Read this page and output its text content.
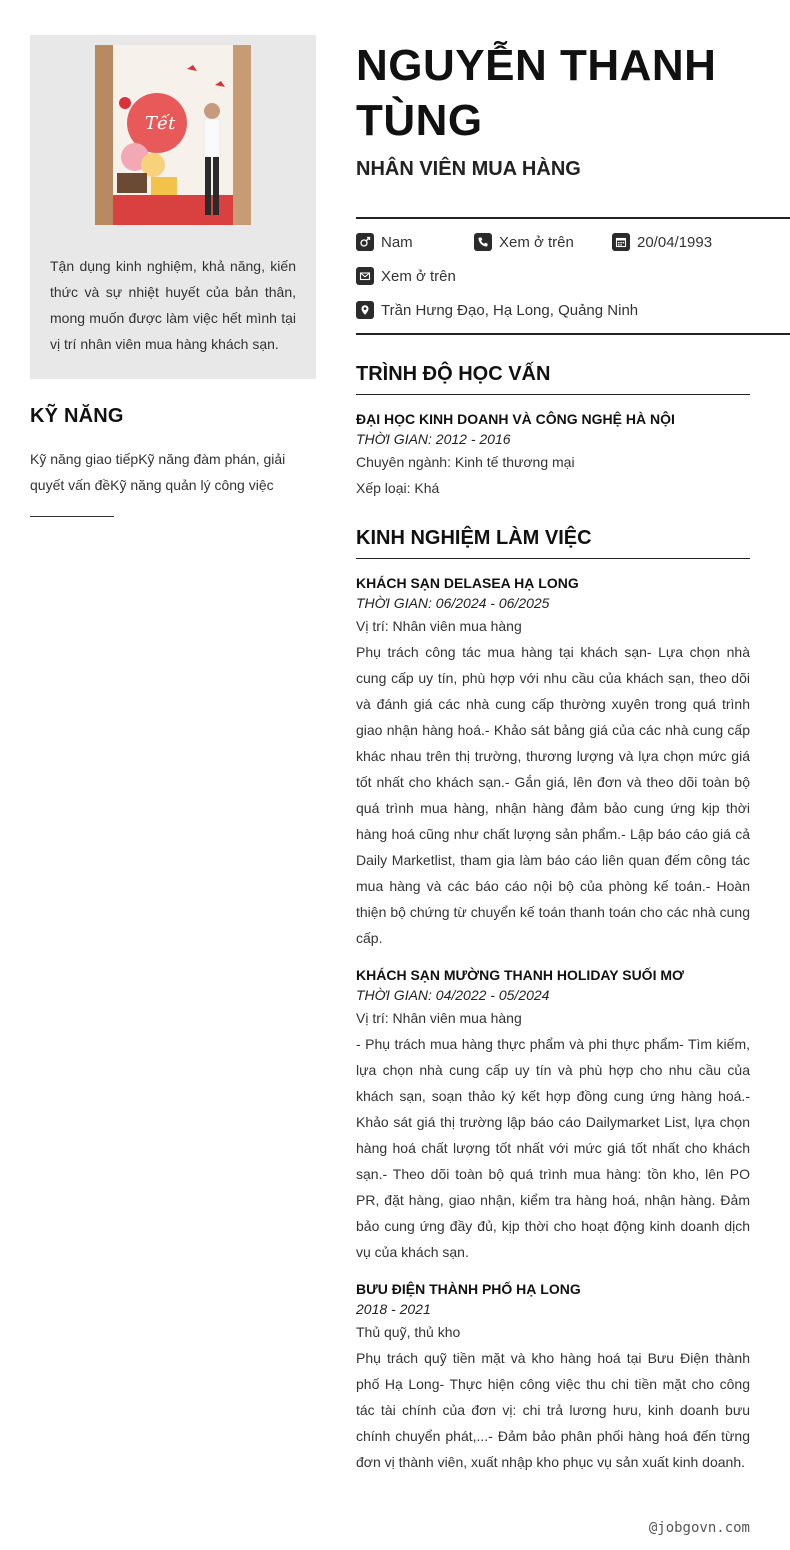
Tết

Tận dụng kinh nghiệm, khả năng, kiến thức và sự nhiệt huyết của bản thân, mong muốn được làm việc hết mình tại vị trí nhân viên mua hàng khách sạn.

KỸ NĂNG

Kỹ năng giao tiếpKỹ năng đàm phán, giải quyết vấn đềKỹ năng quản lý công việc

NGUYỄN THANH TÙNG
NHÂN VIÊN MUA HÀNG
Nam	Xem ở trên	20/04/1993
Xem ở trên
Trần Hưng Đạo, Hạ Long, Quảng Ninh
TRÌNH ĐỘ HỌC VẤN
ĐẠI HỌC KINH DOANH VÀ CÔNG NGHỆ HÀ NỘI
THỜI GIAN: 2012 - 2016
Chuyên ngành: Kinh tế thương mại
Xếp loại: Khá
KINH NGHIỆM LÀM VIỆC
KHÁCH SẠN DELASEA HẠ LONG
THỜI GIAN: 06/2024 - 06/2025
Vị trí: Nhân viên mua hàng

Phụ trách công tác mua hàng tại khách sạn- Lựa chọn nhà cung cấp uy tín, phù hợp với nhu cầu của khách sạn, theo dõi và đánh giá các nhà cung cấp thường xuyên trong quá trình giao nhận hàng hoá.- Khảo sát bảng giá của các nhà cung cấp khác nhau trên thị trường, thương lượng và lựa chọn mức giá tốt nhất cho khách sạn.- Gắn giá, lên đơn và theo dõi toàn bộ quá trình mua hàng, nhận hàng đảm bảo cung ứng kịp thời hàng hoá cũng như chất lượng sản phẩm.- Lập báo cáo giá cả Daily Marketlist, tham gia làm báo cáo liên quan đếm công tác mua hàng và các báo cáo nội bộ của phòng kế toán.- Hoàn thiện bộ chứng từ chuyển kế toán thanh toán cho các nhà cung cấp.

KHÁCH SẠN MƯỜNG THANH HOLIDAY SUỐI MƠ
THỜI GIAN: 04/2022 - 05/2024
Vị trí: Nhân viên mua hàng

- Phụ trách mua hàng thực phẩm và phi thực phẩm- Tìm kiếm, lựa chọn nhà cung cấp uy tín và phù hợp cho nhu cầu của khách sạn, soạn thảo ký kết hợp đồng cung ứng hàng hoá.- Khảo sát giá thị trường lập báo cáo Dailymarket List, lựa chọn hàng hoá chất lượng tốt nhất với mức giá tốt nhất cho khách sạn.- Theo dõi toàn bộ quá trình mua hàng: tồn kho, lên PO PR, đặt hàng, giao nhận, kiểm tra hàng hoá, nhận hàng. Đảm bảo cung ứng đầy đủ, kịp thời cho hoạt động kinh doanh dịch vụ của khách sạn.

BƯU ĐIỆN THÀNH PHỐ HẠ LONG
2018 - 2021
Thủ quỹ, thủ kho

Phụ trách quỹ tiền mặt và kho hàng hoá tại Bưu Điện thành phố Hạ Long- Thực hiện công việc thu chi tiền mặt cho công tác tài chính của đơn vị: chi trả lương hưu, kinh doanh bưu chính chuyển phát,...- Đảm bảo phân phối hàng hoá đến từng đơn vị thành viên, xuất nhập kho phục vụ sản xuất kinh doanh.

@jobgovn.com
